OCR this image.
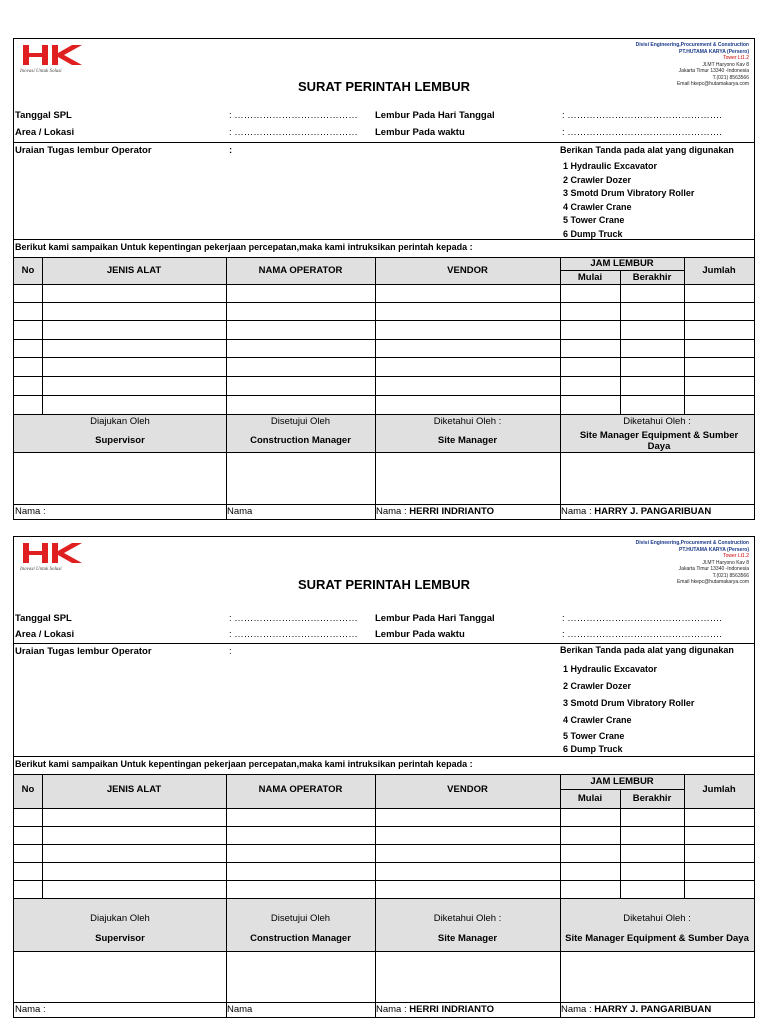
Inovasi Untuk Solusi
Divisi Engineering,Procurement & Construction
PT.HUTAMA KARYA (Persero)
Tower Lt1.2
Jl.MT Haryono Kav 8
Jakarta Timur 13340 -Indonesia
T.(021) 8563566
Email hkepc@hutamakarya.com
SURAT PERINTAH LEMBUR
Tanggal SPL	: ………………………………… Lembur Pada Hari Tanggal	: ………………………………………….
Area / Lokasi	: ………………………………… Lembur Pada waktu	: ………………………………………….
Uraian Tugas lembur Operator	:	Berikan Tanda pada alat yang digunakan
1 Hydraulic Excavator
2 Crawler Dozer
3 Smotd Drum Vibratory Roller
4 Crawler Crane
5 Tower Crane
6 Dump Truck
Berikut kami sampaikan Untuk kepentingan pekerjaan percepatan,maka kami intruksikan perintah kepada :
No	JENIS ALAT	NAMA OPERATOR	VENDOR
JAM LEMBUR
Mulai	Berakhir
Jumlah
Diajukan Oleh	Disetujui Oleh	Diketahui Oleh :	Diketahui Oleh :
Supervisor	Construction Manager	Site Manager	Site Manager Equipment & Sumber Daya
Nama :	Nama	Nama : HERRI INDRIANTO	Nama : HARRY J. PANGARIBUAN
Inovasi Untuk Solusi
Divisi Engineering,Procurement & Construction
PT.HUTAMA KARYA (Persero)
Tower Lt1.2
Jl.MT Haryono Kav 8
Jakarta Timur 13340 -Indonesia
T.(021) 8563566
Email hkepc@hutamakarya.com
SURAT PERINTAH LEMBUR
Tanggal SPL	: ………………………………… Lembur Pada Hari Tanggal	: ………………………………………….
Area / Lokasi	: ………………………………… Lembur Pada waktu	: ………………………………………….
Uraian Tugas lembur Operator	:	Berikan Tanda pada alat yang digunakan
1 Hydraulic Excavator
2 Crawler Dozer
3 Smotd Drum Vibratory Roller
4 Crawler Crane
5 Tower Crane
6 Dump Truck
Berikut kami sampaikan Untuk kepentingan pekerjaan percepatan,maka kami intruksikan perintah kepada :
No	JENIS ALAT	NAMA OPERATOR	VENDOR
JAM LEMBUR
Mulai	Berakhir
Jumlah
Diajukan Oleh	Disetujui Oleh	Diketahui Oleh :	Diketahui Oleh :
Supervisor	Construction Manager	Site Manager	Site Manager Equipment & Sumber Daya
Nama :	Nama	Nama : HERRI INDRIANTO	Nama : HARRY J. PANGARIBUAN
